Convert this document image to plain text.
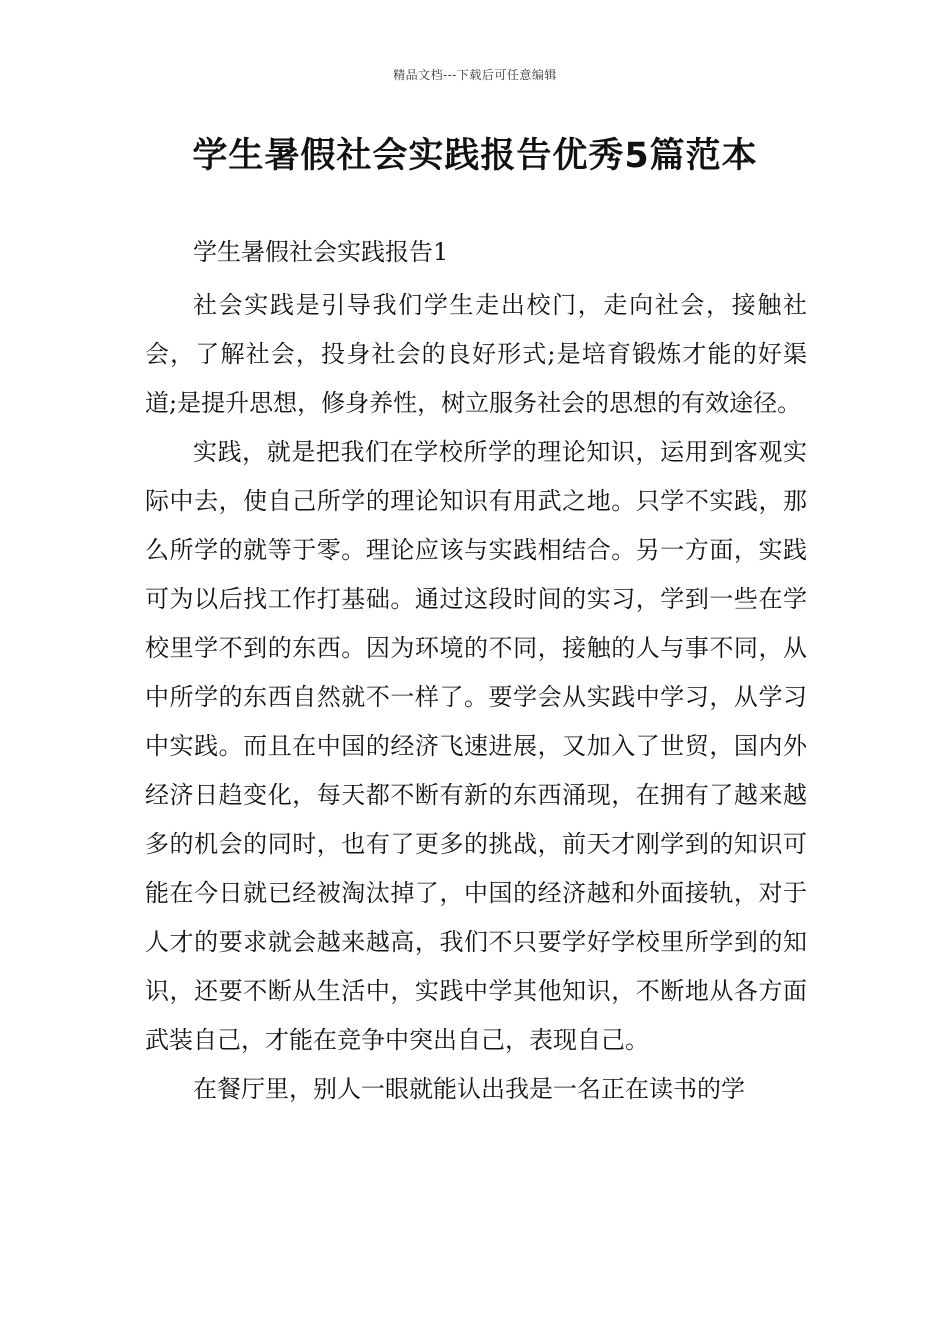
精品文档---下载后可任意编辑
学生暑假社会实践报告优秀5篇范本

学生暑假社会实践报告1

社会实践是引导我们学生走出校门，走向社会，接触社会，了解社会，投身社会的良好形式;是培育锻炼才能的好渠道;是提升思想，修身养性，树立服务社会的思想的有效途径。

实践，就是把我们在学校所学的理论知识，运用到客观实际中去，使自己所学的理论知识有用武之地。只学不实践，那么所学的就等于零。理论应该与实践相结合。另一方面，实践可为以后找工作打基础。通过这段时间的实习，学到一些在学校里学不到的东西。因为环境的不同，接触的人与事不同，从中所学的东西自然就不一样了。要学会从实践中学习，从学习中实践。而且在中国的经济飞速进展，又加入了世贸，国内外经济日趋变化，每天都不断有新的东西涌现，在拥有了越来越多的机会的同时，也有了更多的挑战，前天才刚学到的知识可能在今日就已经被淘汰掉了，中国的经济越和外面接轨，对于人才的要求就会越来越高，我们不只要学好学校里所学到的知识，还要不断从生活中，实践中学其他知识，不断地从各方面武装自己，才能在竞争中突出自己，表现自己。

在餐厅里，别人一眼就能认出我是一名正在读书的学
